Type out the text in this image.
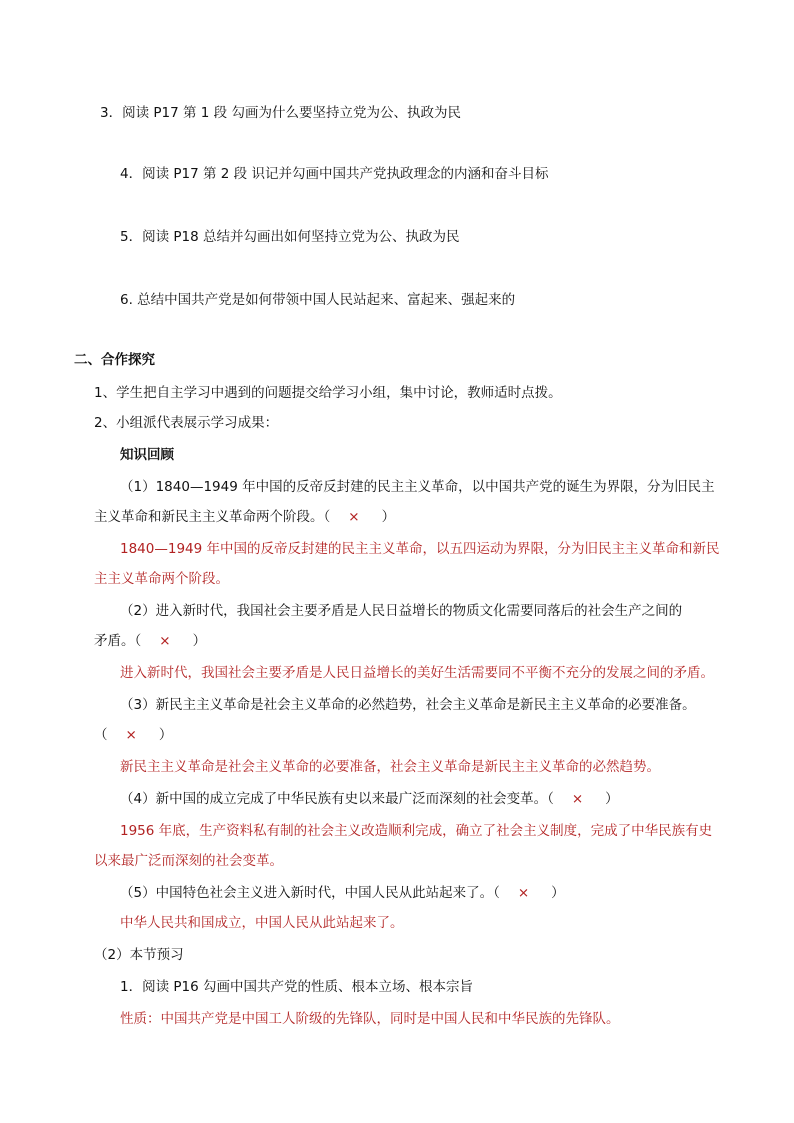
3．阅读 P17 第 1 段 勾画为什么要坚持立党为公、执政为民
4．阅读 P17 第 2 段 识记并勾画中国共产党执政理念的内涵和奋斗目标
5．阅读 P18 总结并勾画出如何坚持立党为公、执政为民
6. 总结中国共产党是如何带领中国人民站起来、富起来、强起来的
二、合作探究
1、学生把自主学习中遇到的问题提交给学习小组，集中讨论，教师适时点拨。
2、小组派代表展示学习成果：
知识回顾
（1）1840—1949 年中国的反帝反封建的民主主义革命，以中国共产党的诞生为界限，分为旧民主
主义革命和新民主主义革命两个阶段。（ × ）
1840—1949 年中国的反帝反封建的民主主义革命，以五四运动为界限，分为旧民主主义革命和新民
主主义革命两个阶段。
（2）进入新时代，我国社会主要矛盾是人民日益增长的物质文化需要同落后的社会生产之间的
矛盾。（ × ）
进入新时代，我国社会主要矛盾是人民日益增长的美好生活需要同不平衡不充分的发展之间的矛盾。
（3）新民主主义革命是社会主义革命的必然趋势，社会主义革命是新民主主义革命的必要准备。
（ × ）
新民主主义革命是社会主义革命的必要准备，社会主义革命是新民主主义革命的必然趋势。
（4）新中国的成立完成了中华民族有史以来最广泛而深刻的社会变革。（ × ）
1956 年底，生产资料私有制的社会主义改造顺利完成，确立了社会主义制度，完成了中华民族有史
以来最广泛而深刻的社会变革。
（5）中国特色社会主义进入新时代，中国人民从此站起来了。（ × ）
中华人民共和国成立，中国人民从此站起来了。
（2）本节预习
1．阅读 P16 勾画中国共产党的性质、根本立场、根本宗旨
性质：中国共产党是中国工人阶级的先锋队，同时是中国人民和中华民族的先锋队。
